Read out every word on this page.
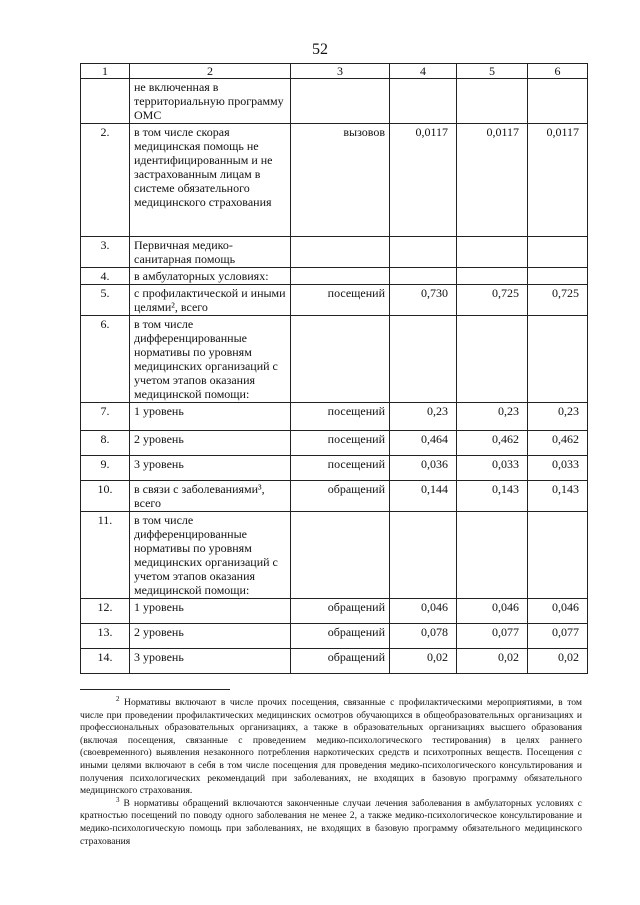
52
1	2	3	4	5	6
	не включенная в территориальную программу ОМС				
2.	в том числе скорая медицинская помощь не идентифицированным и не застрахованным лицам в системе обязательного медицинского страхования	вызовов	0,0117	0,0117	0,0117
3.	Первичная медико-санитарная помощь				
4.	в амбулаторных условиях:				
5.	с профилактической и иными целями², всего	посещений	0,730	0,725	0,725
6.	в том числе дифференцированные нормативы по уровням медицинских организаций с учетом этапов оказания медицинской помощи:				
7.	1 уровень	посещений	0,23	0,23	0,23
8.	2 уровень	посещений	0,464	0,462	0,462
9.	3 уровень	посещений	0,036	0,033	0,033
10.	в связи с заболеваниями³, всего	обращений	0,144	0,143	0,143
11.	в том числе дифференцированные нормативы по уровням медицинских организаций с учетом этапов оказания медицинской помощи:				
12.	1 уровень	обращений	0,046	0,046	0,046
13.	2 уровень	обращений	0,078	0,077	0,077
14.	3 уровень	обращений	0,02	0,02	0,02

$^2$ Нормативы включают в числе прочих посещения, связанные с профилактическими мероприятиями, в том числе при проведении профилактических медицинских осмотров обучающихся в общеобразовательных организациях и профессиональных образовательных организациях, а также в образовательных организациях высшего образования (включая посещения, связанные с проведением медико-психологического тестирования) в целях раннего (своевременного) выявления незаконного потребления наркотических средств и психотропных веществ. Посещения с иными целями включают в себя в том числе посещения для проведения медико-психологического консультирования и получения психологических рекомендаций при заболеваниях, не входящих в базовую программу обязательного медицинского страхования.

$^3$ В нормативы обращений включаются законченные случаи лечения заболевания в амбулаторных условиях с кратностью посещений по поводу одного заболевания не менее 2, а также медико-психологическое консультирование и медико-психологическую помощь при заболеваниях, не входящих в базовую программу обязательного медицинского страхования
